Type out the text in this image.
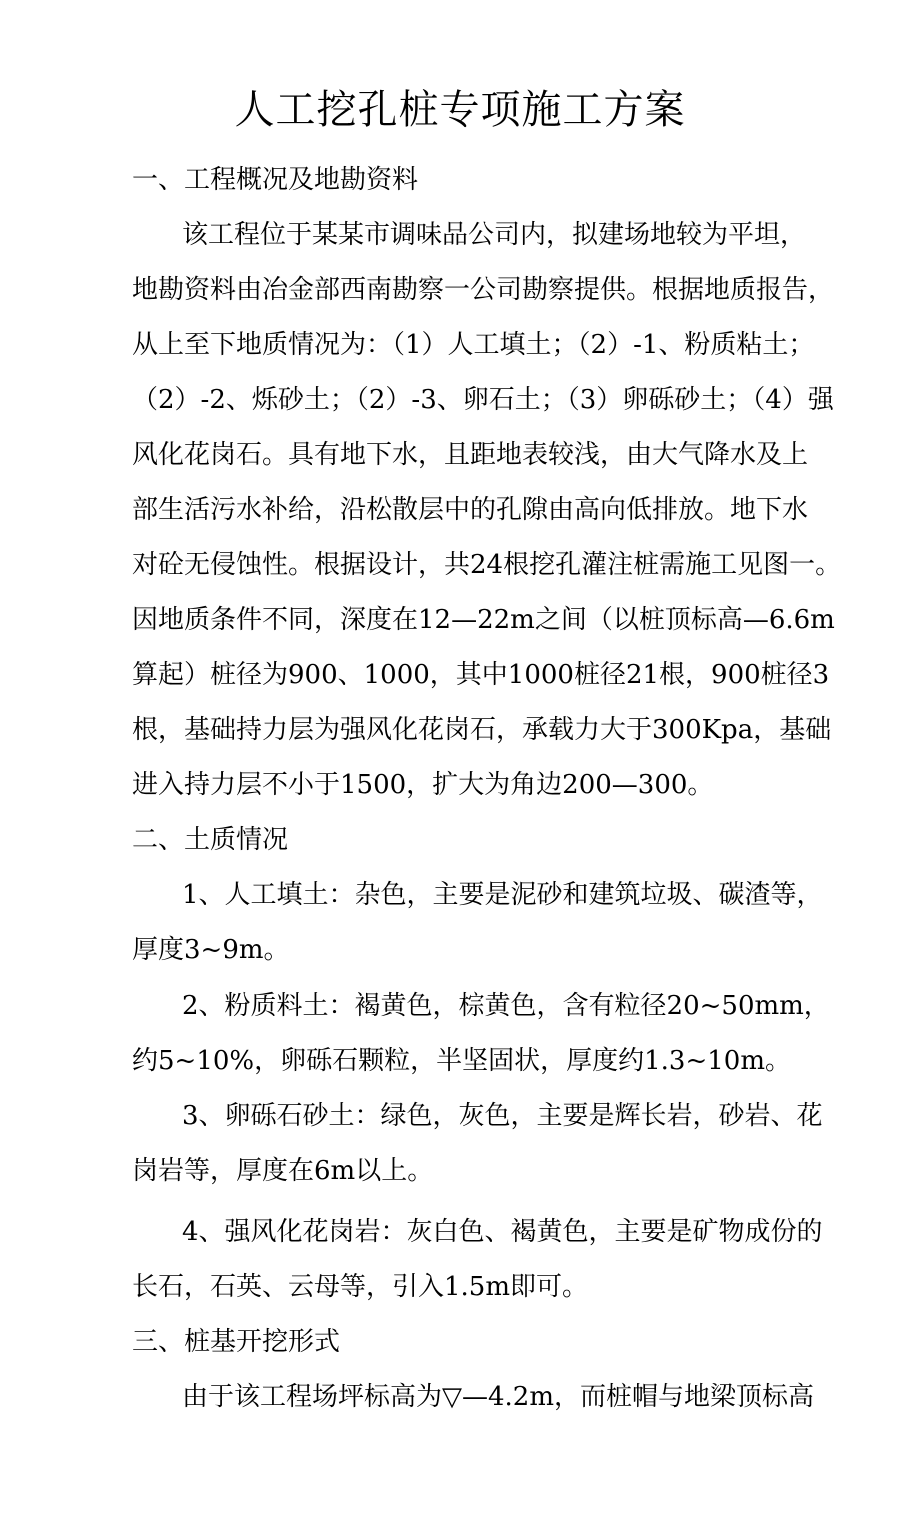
人工挖孔桩专项施工方案
一、工程概况及地勘资料
该工程位于某某市调味品公司内，拟建场地较为平坦，
地勘资料由冶金部西南勘察一公司勘察提供。根据地质报告，
从上至下地质情况为：（1）人工填土；（2）-1、粉质粘土；
（2）-2、烁砂土；（2）-3、卵石土；（3）卵砾砂土；（4）强
风化花岗石。具有地下水，且距地表较浅，由大气降水及上
部生活污水补给，沿松散层中的孔隙由高向低排放。地下水
对砼无侵蚀性。根据设计，共24根挖孔灌注桩需施工见图一。
因地质条件不同，深度在12—22m之间（以桩顶标高—6.6m
算起）桩径为900、1000，其中1000桩径21根，900桩径3
根，基础持力层为强风化花岗石，承载力大于300Kpa，基础
进入持力层不小于1500，扩大为角边200—300。
二、土质情况
1、人工填土：杂色，主要是泥砂和建筑垃圾、碳渣等，
厚度3~9m。
2、粉质料土：褐黄色，棕黄色，含有粒径20~50mm，
约5~10%，卵砾石颗粒，半坚固状，厚度约1.3~10m。
3、卵砾石砂土：绿色，灰色，主要是辉长岩，砂岩、花
岗岩等，厚度在6m以上。
4、强风化花岗岩：灰白色、褐黄色，主要是矿物成份的
长石，石英、云母等，引入1.5m即可。
三、桩基开挖形式
由于该工程场坪标高为▽—4.2m，而桩帽与地梁顶标高
